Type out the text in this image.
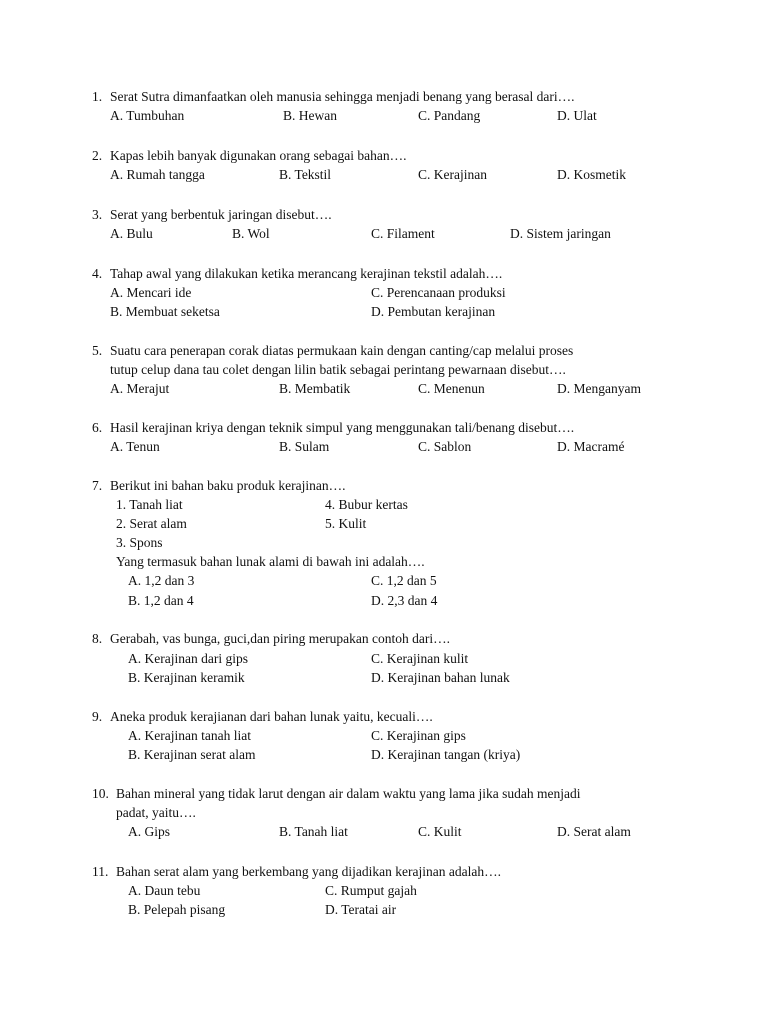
1. Serat Sutra dimanfaatkan oleh manusia sehingga menjadi benang yang berasal dari….
A. Tumbuhan	B. Hewan	C. Pandang	D. Ulat
2. Kapas lebih banyak digunakan orang sebagai bahan….
A. Rumah tangga	B. Tekstil	C. Kerajinan	D. Kosmetik
3. Serat yang berbentuk jaringan disebut….
A. Bulu	B. Wol	C. Filament	D. Sistem jaringan
4. Tahap awal yang dilakukan ketika merancang kerajinan tekstil adalah….
A. Mencari ide	C. Perencanaan produksi
B. Membuat seketsa	D. Pembutan kerajinan
5. Suatu cara penerapan corak diatas permukaan kain dengan canting/cap melalui proses
tutup celup dana tau colet dengan lilin batik sebagai perintang pewarnaan disebut….
A. Merajut	B. Membatik	C. Menenun	D. Menganyam
6. Hasil kerajinan kriya dengan teknik simpul yang menggunakan tali/benang disebut….
A. Tenun	B. Sulam	C. Sablon	D. Macramé
7. Berikut ini bahan baku produk kerajinan….
1. Tanah liat	4. Bubur kertas
2. Serat alam	5. Kulit
3. Spons
Yang termasuk bahan lunak alami di bawah ini adalah….
A. 1,2 dan 3	C. 1,2 dan 5
B. 1,2 dan 4	D. 2,3 dan 4
8. Gerabah, vas bunga, guci,dan piring merupakan contoh dari….
A. Kerajinan dari gips	C. Kerajinan kulit
B. Kerajinan keramik	D. Kerajinan bahan lunak
9. Aneka produk kerajianan dari bahan lunak yaitu, kecuali….
A. Kerajinan tanah liat	C. Kerajinan gips
B. Kerajinan serat alam	D. Kerajinan tangan (kriya)
10. Bahan mineral yang tidak larut dengan air dalam waktu yang lama jika sudah menjadi
padat, yaitu….
A. Gips	B. Tanah liat	C. Kulit	D. Serat alam
11. Bahan serat alam yang berkembang yang dijadikan kerajinan adalah….
A. Daun tebu	C. Rumput gajah
B. Pelepah pisang	D. Teratai air
